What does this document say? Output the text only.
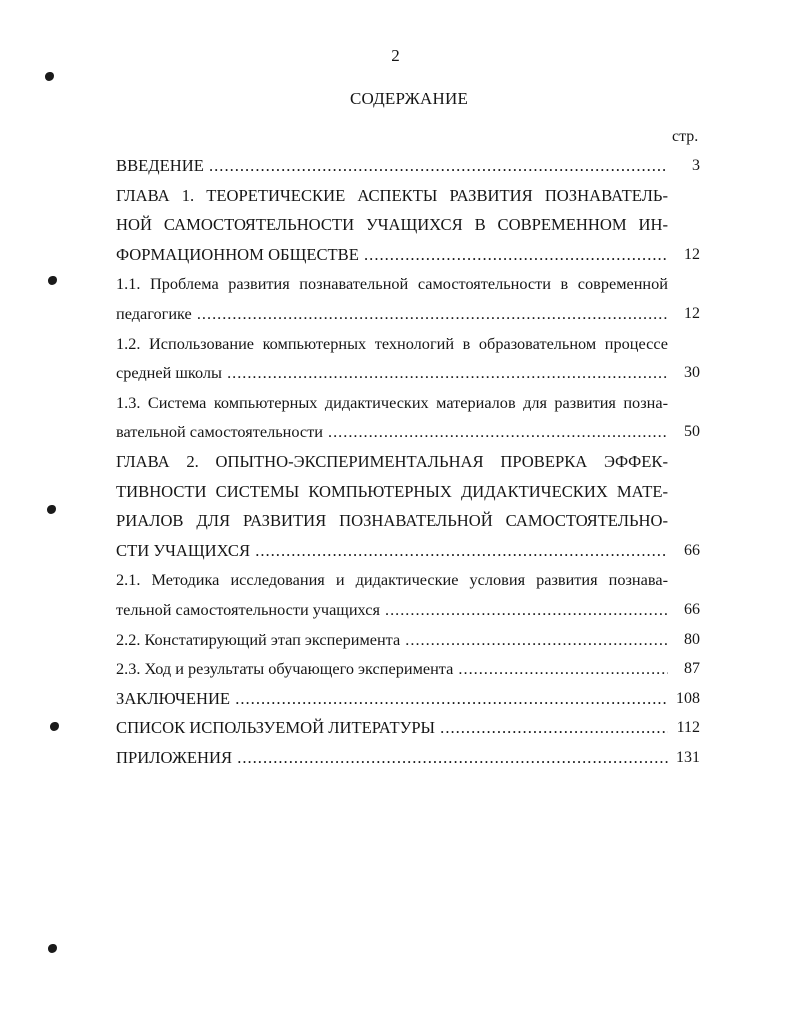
2
СОДЕРЖАНИЕ
стр.
ВВЕДЕНИЕ .....	3
ГЛАВА 1. ТЕОРЕТИЧЕСКИЕ АСПЕКТЫ РАЗВИТИЯ ПОЗНАВАТЕЛЬ-
НОЙ САМОСТОЯТЕЛЬНОСТИ УЧАЩИХСЯ В СОВРЕМЕННОМ ИН-
ФОРМАЦИОННОМ ОБЩЕСТВЕ .....	12
1.1. Проблема развития познавательной самостоятельности в современной
педагогике .....	12
1.2. Использование компьютерных технологий в образовательном процессе
средней школы .....	30
1.3. Система компьютерных дидактических материалов для развития позна-
вательной самостоятельности .....	50
ГЛАВА 2. ОПЫТНО-ЭКСПЕРИМЕНТАЛЬНАЯ ПРОВЕРКА ЭФФЕК-
ТИВНОСТИ СИСТЕМЫ КОМПЬЮТЕРНЫХ ДИДАКТИЧЕСКИХ МАТЕ-
РИАЛОВ ДЛЯ РАЗВИТИЯ ПОЗНАВАТЕЛЬНОЙ САМОСТОЯТЕЛЬНО-
СТИ УЧАЩИХСЯ .....	66
2.1. Методика исследования и дидактические условия развития познава-
тельной самостоятельности учащихся .....	66
2.2. Констатирующий этап эксперимента .....	80
2.3. Ход и результаты обучающего эксперимента .....	87
ЗАКЛЮЧЕНИЕ .....	108
СПИСОК ИСПОЛЬЗУЕМОЙ ЛИТЕРАТУРЫ .....	112
ПРИЛОЖЕНИЯ .....	131
